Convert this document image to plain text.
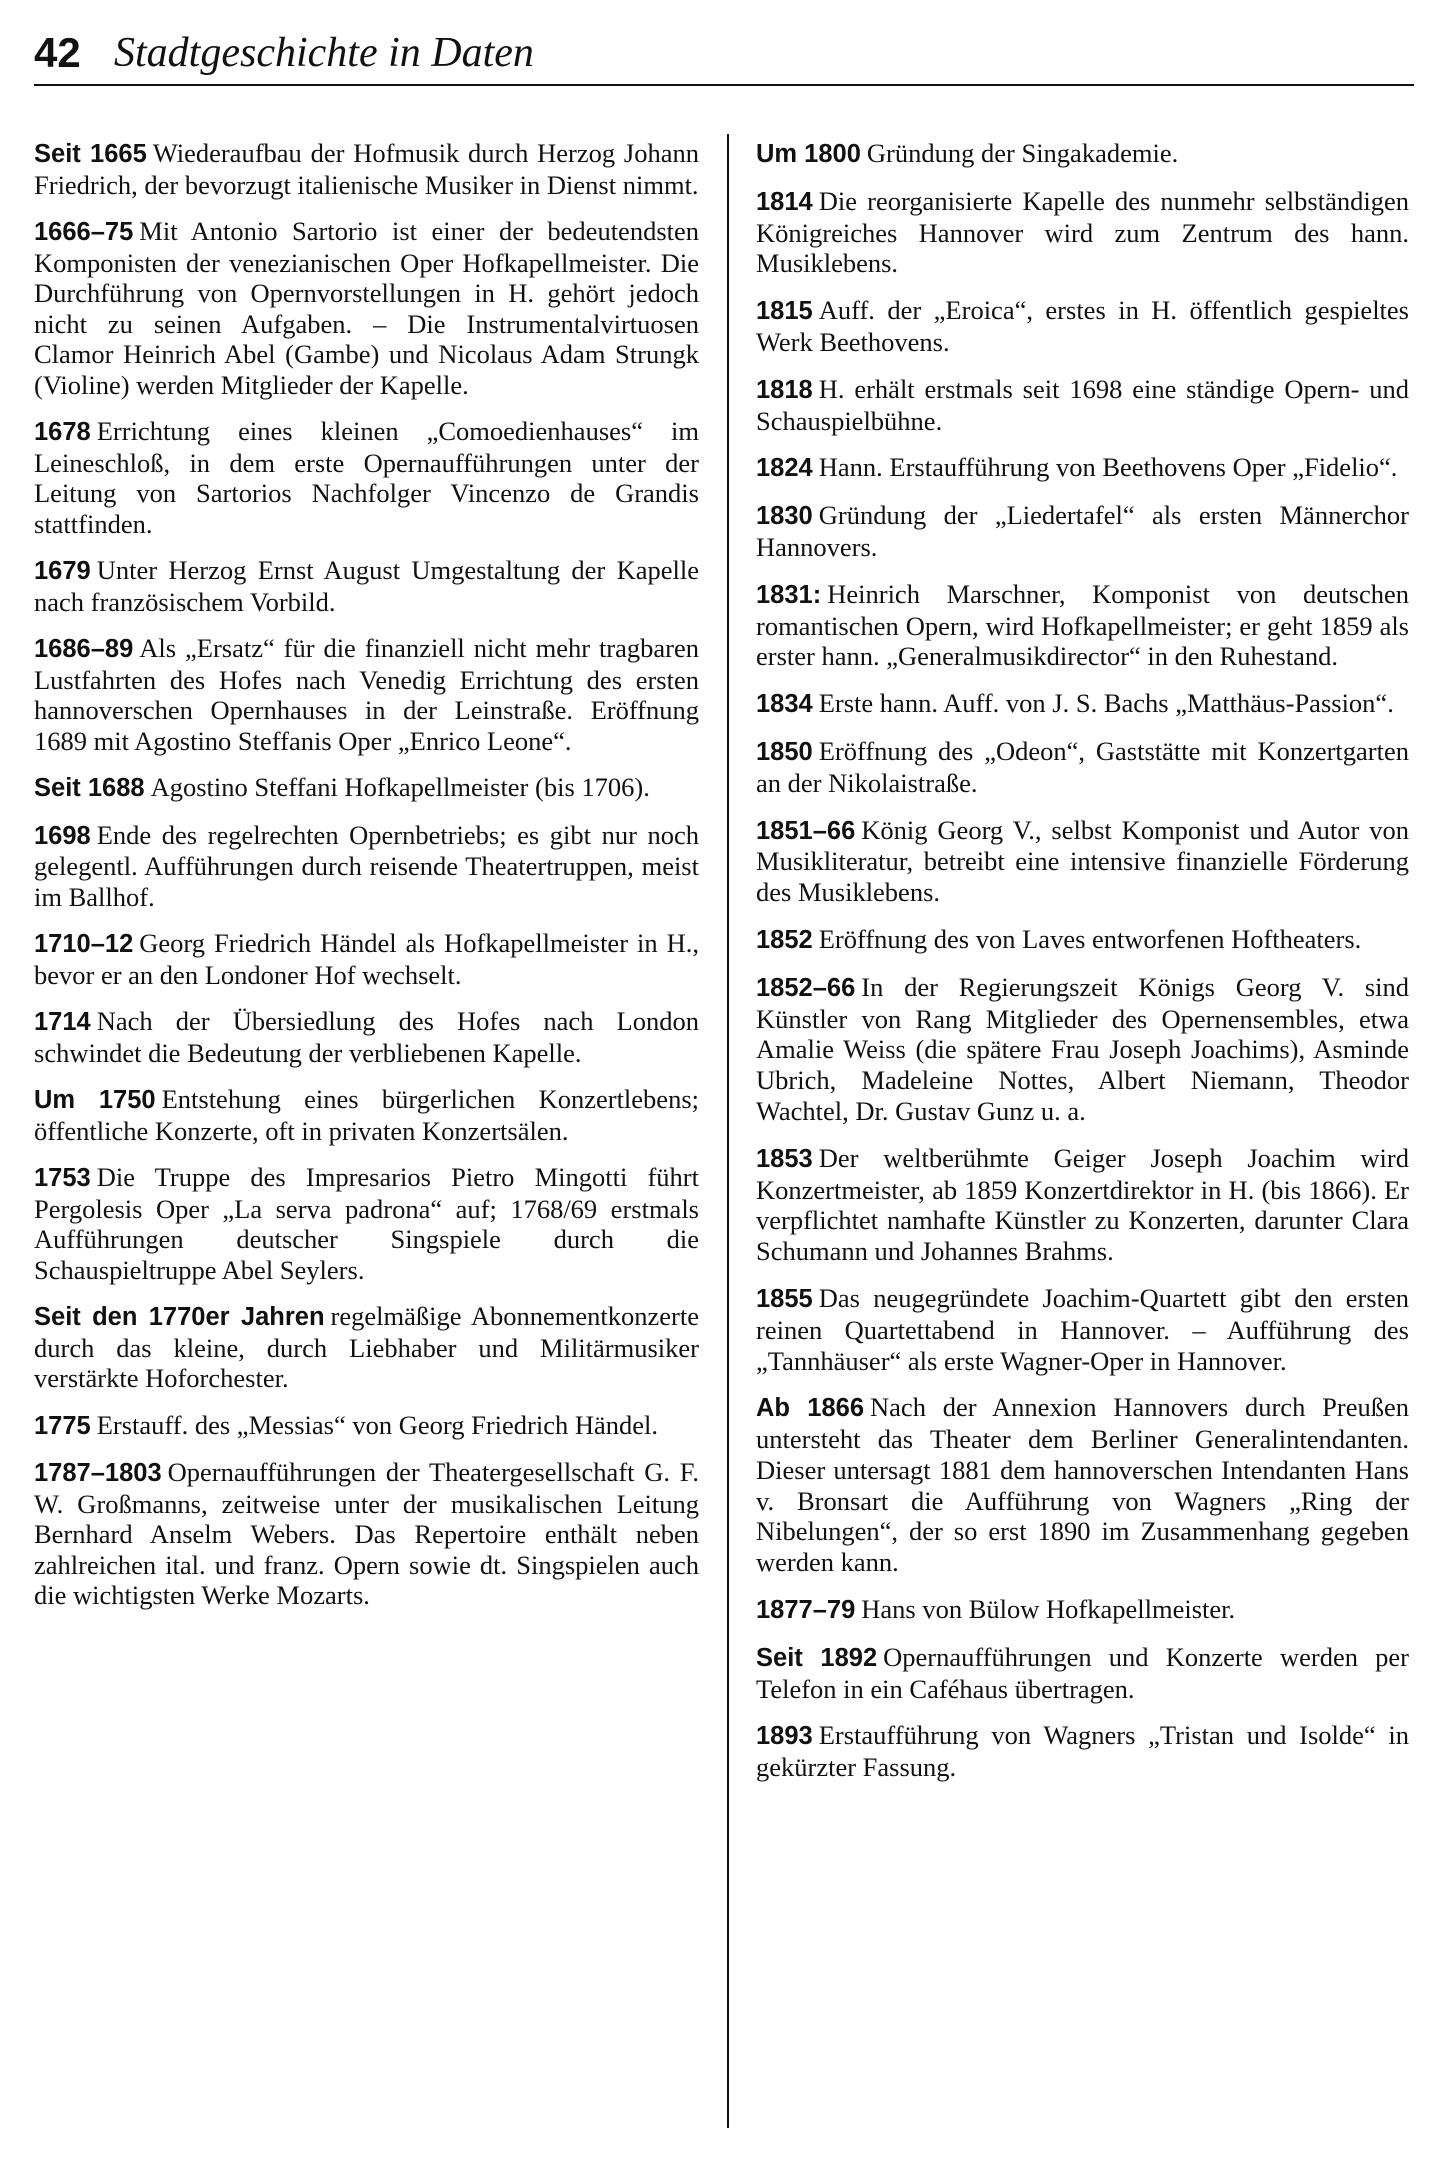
42 Stadtgeschichte in Daten

Seit 1665 Wiederaufbau der Hofmusik durch Herzog Johann Friedrich, der bevorzugt italienische Musiker in Dienst nimmt.

1666–75 Mit Antonio Sartorio ist einer der bedeutendsten Komponisten der venezianischen Oper Hofkapellmeister. Die Durchführung von Opernvorstellungen in H. gehört jedoch nicht zu seinen Aufgaben. – Die Instrumentalvirtuosen Clamor Heinrich Abel (Gambe) und Nicolaus Adam Strungk (Violine) werden Mitglieder der Kapelle.

1678 Errichtung eines kleinen „Comoedienhauses“ im Leineschloß, in dem erste Opernaufführungen unter der Leitung von Sartorios Nachfolger Vincenzo de Grandis stattfinden.

1679 Unter Herzog Ernst August Umgestaltung der Kapelle nach französischem Vorbild.

1686–89 Als „Ersatz“ für die finanziell nicht mehr tragbaren Lustfahrten des Hofes nach Venedig Errichtung des ersten hannoverschen Opernhauses in der Leinstraße. Eröffnung 1689 mit Agostino Steffanis Oper „Enrico Leone“.

Seit 1688 Agostino Steffani Hofkapellmeister (bis 1706).

1698 Ende des regelrechten Opernbetriebs; es gibt nur noch gelegentl. Aufführungen durch reisende Theatertruppen, meist im Ballhof.

1710–12 Georg Friedrich Händel als Hofkapellmeister in H., bevor er an den Londoner Hof wechselt.

1714 Nach der Übersiedlung des Hofes nach London schwindet die Bedeutung der verbliebenen Kapelle.

Um 1750 Entstehung eines bürgerlichen Konzertlebens; öffentliche Konzerte, oft in privaten Konzertsälen.

1753 Die Truppe des Impresarios Pietro Mingotti führt Pergolesis Oper „La serva padrona“ auf; 1768/69 erstmals Aufführungen deutscher Singspiele durch die Schauspieltruppe Abel Seylers.

Seit den 1770er Jahren regelmäßige Abonnementkonzerte durch das kleine, durch Liebhaber und Militärmusiker verstärkte Hoforchester.

1775 Erstauff. des „Messias“ von Georg Friedrich Händel.

1787–1803 Opernaufführungen der Theatergesellschaft G. F. W. Großmanns, zeitweise unter der musikalischen Leitung Bernhard Anselm Webers. Das Repertoire enthält neben zahlreichen ital. und franz. Opern sowie dt. Singspielen auch die wichtigsten Werke Mozarts.

Um 1800 Gründung der Singakademie.

1814 Die reorganisierte Kapelle des nunmehr selbständigen Königreiches Hannover wird zum Zentrum des hann. Musiklebens.

1815 Auff. der „Eroica“, erstes in H. öffentlich gespieltes Werk Beethovens.

1818 H. erhält erstmals seit 1698 eine ständige Opern- und Schauspielbühne.

1824 Hann. Erstaufführung von Beethovens Oper „Fidelio“.

1830 Gründung der „Liedertafel“ als ersten Männerchor Hannovers.

1831: Heinrich Marschner, Komponist von deutschen romantischen Opern, wird Hofkapellmeister; er geht 1859 als erster hann. „Generalmusikdirector“ in den Ruhestand.

1834 Erste hann. Auff. von J. S. Bachs „Matthäus-Passion“.

1850 Eröffnung des „Odeon“, Gaststätte mit Konzertgarten an der Nikolaistraße.

1851–66 König Georg V., selbst Komponist und Autor von Musikliteratur, betreibt eine intensive finanzielle Förderung des Musiklebens.

1852 Eröffnung des von Laves entworfenen Hoftheaters.

1852–66 In der Regierungszeit Königs Georg V. sind Künstler von Rang Mitglieder des Opernensembles, etwa Amalie Weiss (die spätere Frau Joseph Joachims), Asminde Ubrich, Madeleine Nottes, Albert Niemann, Theodor Wachtel, Dr. Gustav Gunz u. a.

1853 Der weltberühmte Geiger Joseph Joachim wird Konzertmeister, ab 1859 Konzertdirektor in H. (bis 1866). Er verpflichtet namhafte Künstler zu Konzerten, darunter Clara Schumann und Johannes Brahms.

1855 Das neugegründete Joachim-Quartett gibt den ersten reinen Quartettabend in Hannover. – Aufführung des „Tannhäuser“ als erste Wagner-Oper in Hannover.

Ab 1866 Nach der Annexion Hannovers durch Preußen untersteht das Theater dem Berliner Generalintendanten. Dieser untersagt 1881 dem hannoverschen Intendanten Hans v. Bronsart die Aufführung von Wagners „Ring der Nibelungen“, der so erst 1890 im Zusammenhang gegeben werden kann.

1877–79 Hans von Bülow Hofkapellmeister.

Seit 1892 Opernaufführungen und Konzerte werden per Telefon in ein Caféhaus übertragen.

1893 Erstaufführung von Wagners „Tristan und Isolde“ in gekürzter Fassung.
